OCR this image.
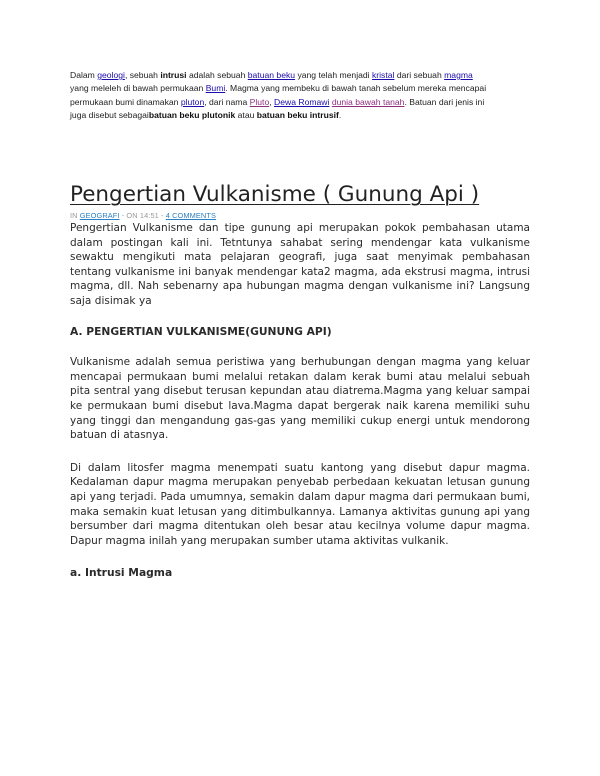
Dalam geologi, sebuah intrusi adalah sebuah batuan beku yang telah menjadi kristal dari sebuah magma yang meleleh di bawah permukaan Bumi. Magma yang membeku di bawah tanah sebelum mereka mencapai permukaan bumi dinamakan pluton, dari nama Pluto, Dewa Romawi dunia bawah tanah. Batuan dari jenis ini juga disebut sebagaibatuan beku plutonik atau batuan beku intrusif.
Pengertian Vulkanisme ( Gunung Api )
IN GEOGRAFI - ON 14:51 - 4 COMMENTS

Pengertian Vulkanisme dan tipe gunung api merupakan pokok pembahasan utama dalam postingan kali ini. Tetntunya sahabat sering mendengar kata vulkanisme sewaktu mengikuti mata pelajaran geografi, juga saat menyimak pembahasan tentang vulkanisme ini banyak mendengar kata2 magma, ada ekstrusi magma, intrusi magma, dll. Nah sebenarny apa hubungan magma dengan vulkanisme ini? Langsung saja disimak ya

A. PENGERTIAN VULKANISME(GUNUNG API)

Vulkanisme adalah semua peristiwa yang berhubungan dengan magma yang keluar mencapai permukaan bumi melalui retakan dalam kerak bumi atau melalui sebuah pita sentral yang disebut terusan kepundan atau diatrema.Magma yang keluar sampai ke permukaan bumi disebut lava.Magma dapat bergerak naik karena memiliki suhu yang tinggi dan mengandung gas-gas yang memiliki cukup energi untuk mendorong batuan di atasnya.

Di dalam litosfer magma menempati suatu kantong yang disebut dapur magma. Kedalaman dapur magma merupakan penyebab perbedaan kekuatan letusan gunung api yang terjadi. Pada umumnya, semakin dalam dapur magma dari permukaan bumi, maka semakin kuat letusan yang ditimbulkannya. Lamanya aktivitas gunung api yang bersumber dari magma ditentukan oleh besar atau kecilnya volume dapur magma. Dapur magma inilah yang merupakan sumber utama aktivitas vulkanik.

a. Intrusi Magma
